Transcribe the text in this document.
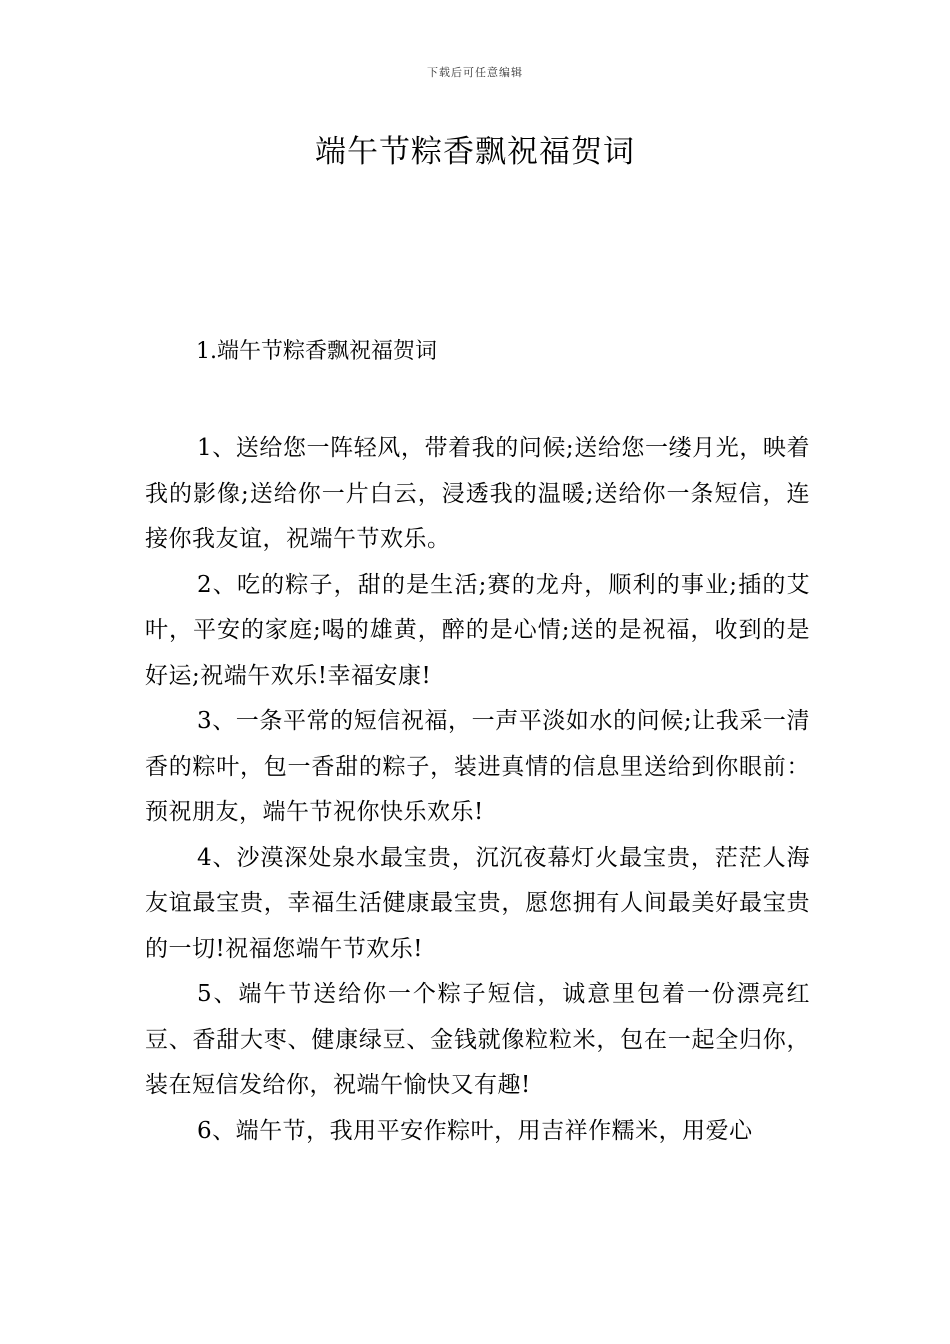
下载后可任意编辑
端午节粽香飘祝福贺词
1.端午节粽香飘祝福贺词

1、送给您一阵轻风，带着我的问候;送给您一缕月光，映着我的影像;送给你一片白云，浸透我的温暖;送给你一条短信，连接你我友谊，祝端午节欢乐。

2、吃的粽子，甜的是生活;赛的龙舟，顺利的事业;插的艾叶，平安的家庭;喝的雄黄，醉的是心情;送的是祝福，收到的是好运;祝端午欢乐!幸福安康!

3、一条平常的短信祝福，一声平淡如水的问候;让我采一清香的粽叶，包一香甜的粽子，装进真情的信息里送给到你眼前：预祝朋友，端午节祝你快乐欢乐!

4、沙漠深处泉水最宝贵，沉沉夜幕灯火最宝贵，茫茫人海友谊最宝贵，幸福生活健康最宝贵，愿您拥有人间最美好最宝贵的一切!祝福您端午节欢乐!

5、端午节送给你一个粽子短信，诚意里包着一份漂亮红豆、香甜大枣、健康绿豆、金钱就像粒粒米，包在一起全归你，装在短信发给你，祝端午愉快又有趣!

6、端午节，我用平安作粽叶，用吉祥作糯米，用爱心
